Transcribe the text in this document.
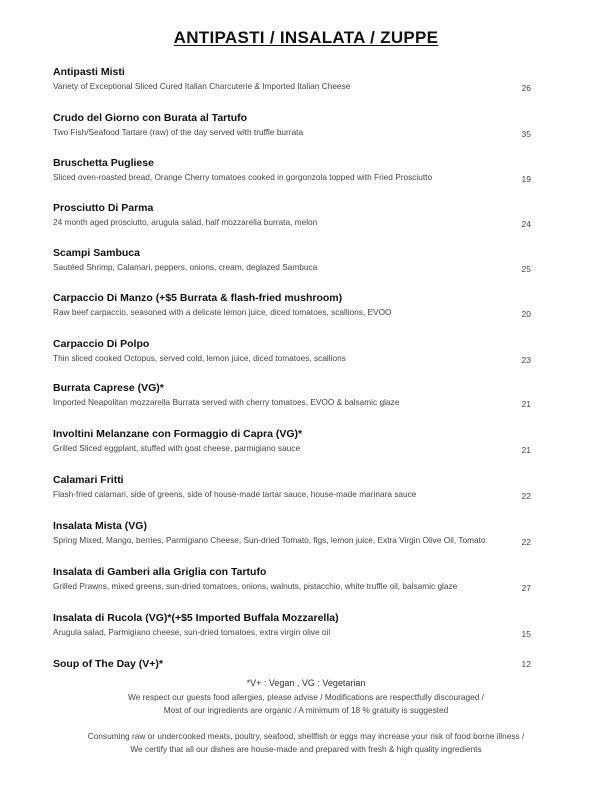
ANTIPASTI / INSALATA / ZUPPE
Antipasti Misti
Variety of Exceptional Sliced Cured Italian Charcuterie & Imported Italian Cheese	26
Crudo del Giorno con Burata al Tartufo
Two Fish/Seafood Tartare (raw) of the day served with truffle burrata	35
Bruschetta Pugliese
Sliced oven-roasted bread, Orange Cherry tomatoes cooked in gorgonzola topped with Fried Prosciutto	19
Prosciutto Di Parma
24 month aged prosciutto, arugula salad, half mozzarella burrata, melon	24
Scampi Sambuca
Sautéed Shrimp, Calamari, peppers, onions, cream, deglazed Sambuca	25
Carpaccio Di Manzo (+$5 Burrata & flash-fried mushroom)
Raw beef carpaccio, seasoned with a delicate lemon juice, diced tomatoes, scallions, EVOO	20
Carpaccio Di Polpo
Thin sliced cooked Octopus, served cold, lemon juice, diced tomatoes, scallions	23
Burrata Caprese (VG)*
Imported Neapolitan mozzarella Burrata served with cherry tomatoes, EVOO & balsamic glaze	21
Involtini Melanzane con Formaggio di Capra (VG)*
Grilled Sliced eggplant, stuffed with goat cheese, parmigiano sauce	21
Calamari Fritti
Flash-fried calamari, side of greens, side of house-made tartar sauce, house-made marinara sauce	22
Insalata Mista (VG)
Spring Mixed, Mango, berries, Parmigiano Cheese, Sun-dried Tomato, figs, lemon juice, Extra Virgin Olive Oil, Tomato	22
Insalata di Gamberi alla Griglia con Tartufo
Grilled Prawns, mixed greens, sun-dried tomatoes, onions, walnuts, pistacchio, white truffle oil, balsamic glaze	27
Insalata di Rucola (VG)*(+$5 Imported Buffala Mozzarella)
Arugula salad, Parmigiano cheese, sun-dried tomatoes, extra virgin olive oil	15
Soup of The Day (V+)*	12
*V+ : Vegan , VG : Vegetarian
We respect our guests food allergies, please advise / Modifications are respectfully discouraged /
Most of our ingredients are organic / A minimum of 18 % gratuity is suggested
Consuming raw or undercooked meats, poultry, seafood, shellfish or eggs may increase your risk of food borne illness /
We certify that all our dishes are house-made and prepared with fresh & high quality ingredients
